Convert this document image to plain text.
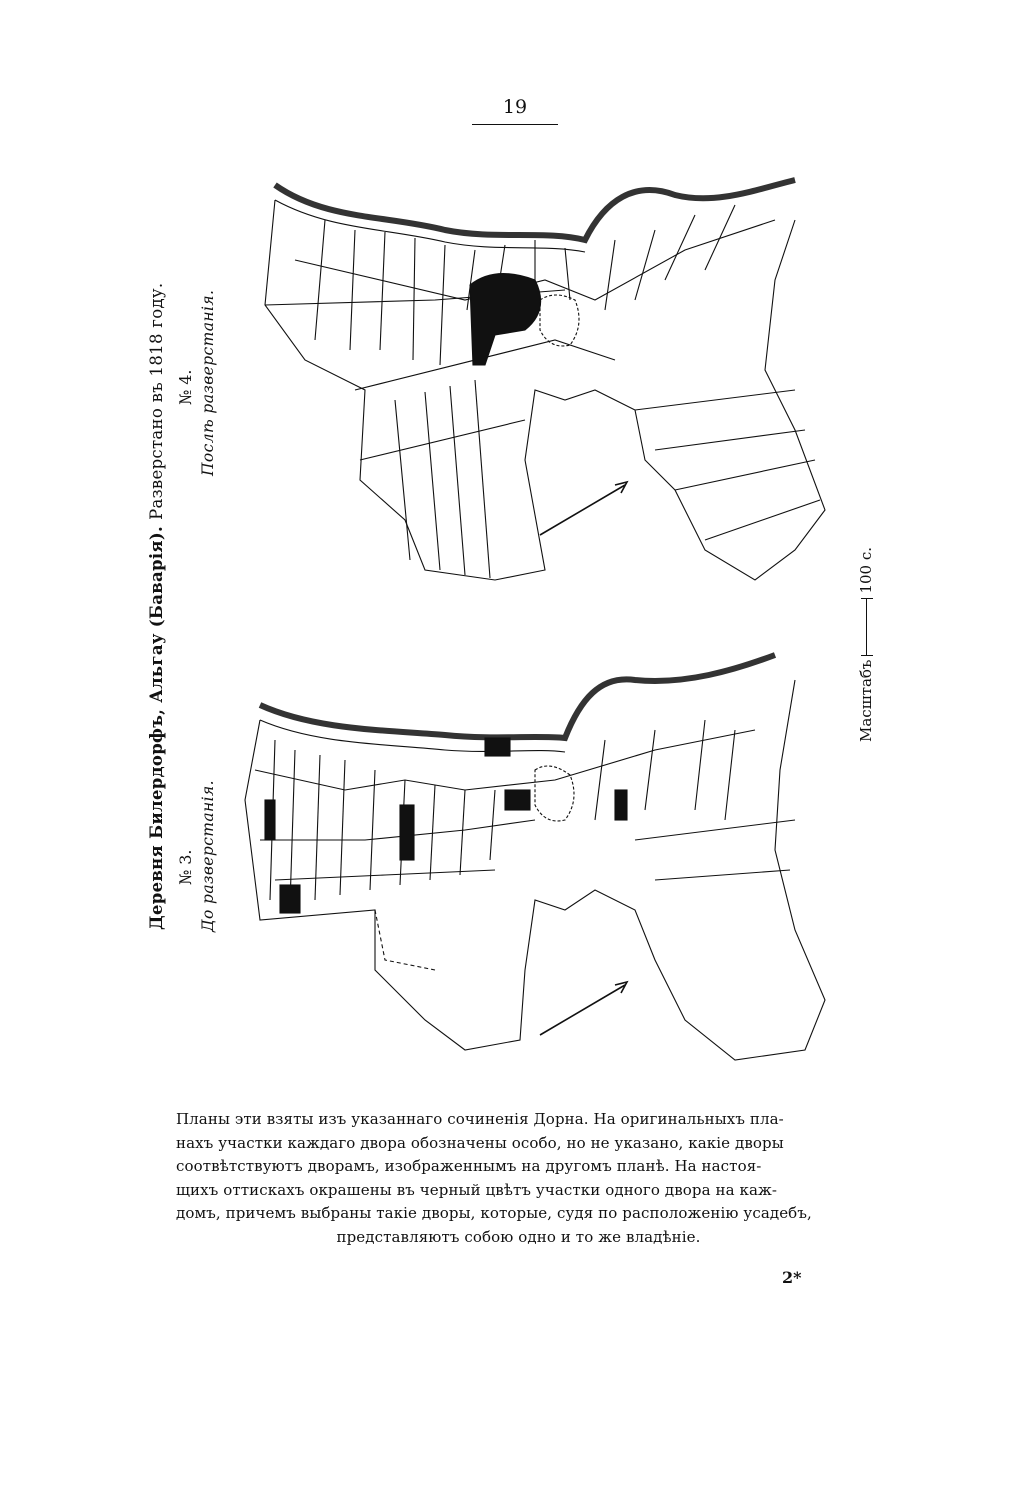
19
Деревня Билердорфъ, Альгау (Баварія). Разверстано въ 1818 году.
№ 3. До разверстанія.
№ 4. Послѣ разверстанія.
Масштабъ
100 с.
Планы эти взяты изъ указаннаго сочиненія Дорна. На оригинальныхъ пла-
нахъ участки каждаго двора обозначены особо, но не указано, какіе дворы
соотвѣтствуютъ дворамъ, изображеннымъ на другомъ планѣ. На настоя-
щихъ оттискахъ окрашены въ черный цвѣтъ участки одного двора на каж-
домъ, причемъ выбраны такіе дворы, которые, судя по расположенію усадебъ,
представляютъ собою одно и то же владѣніе.
2*
